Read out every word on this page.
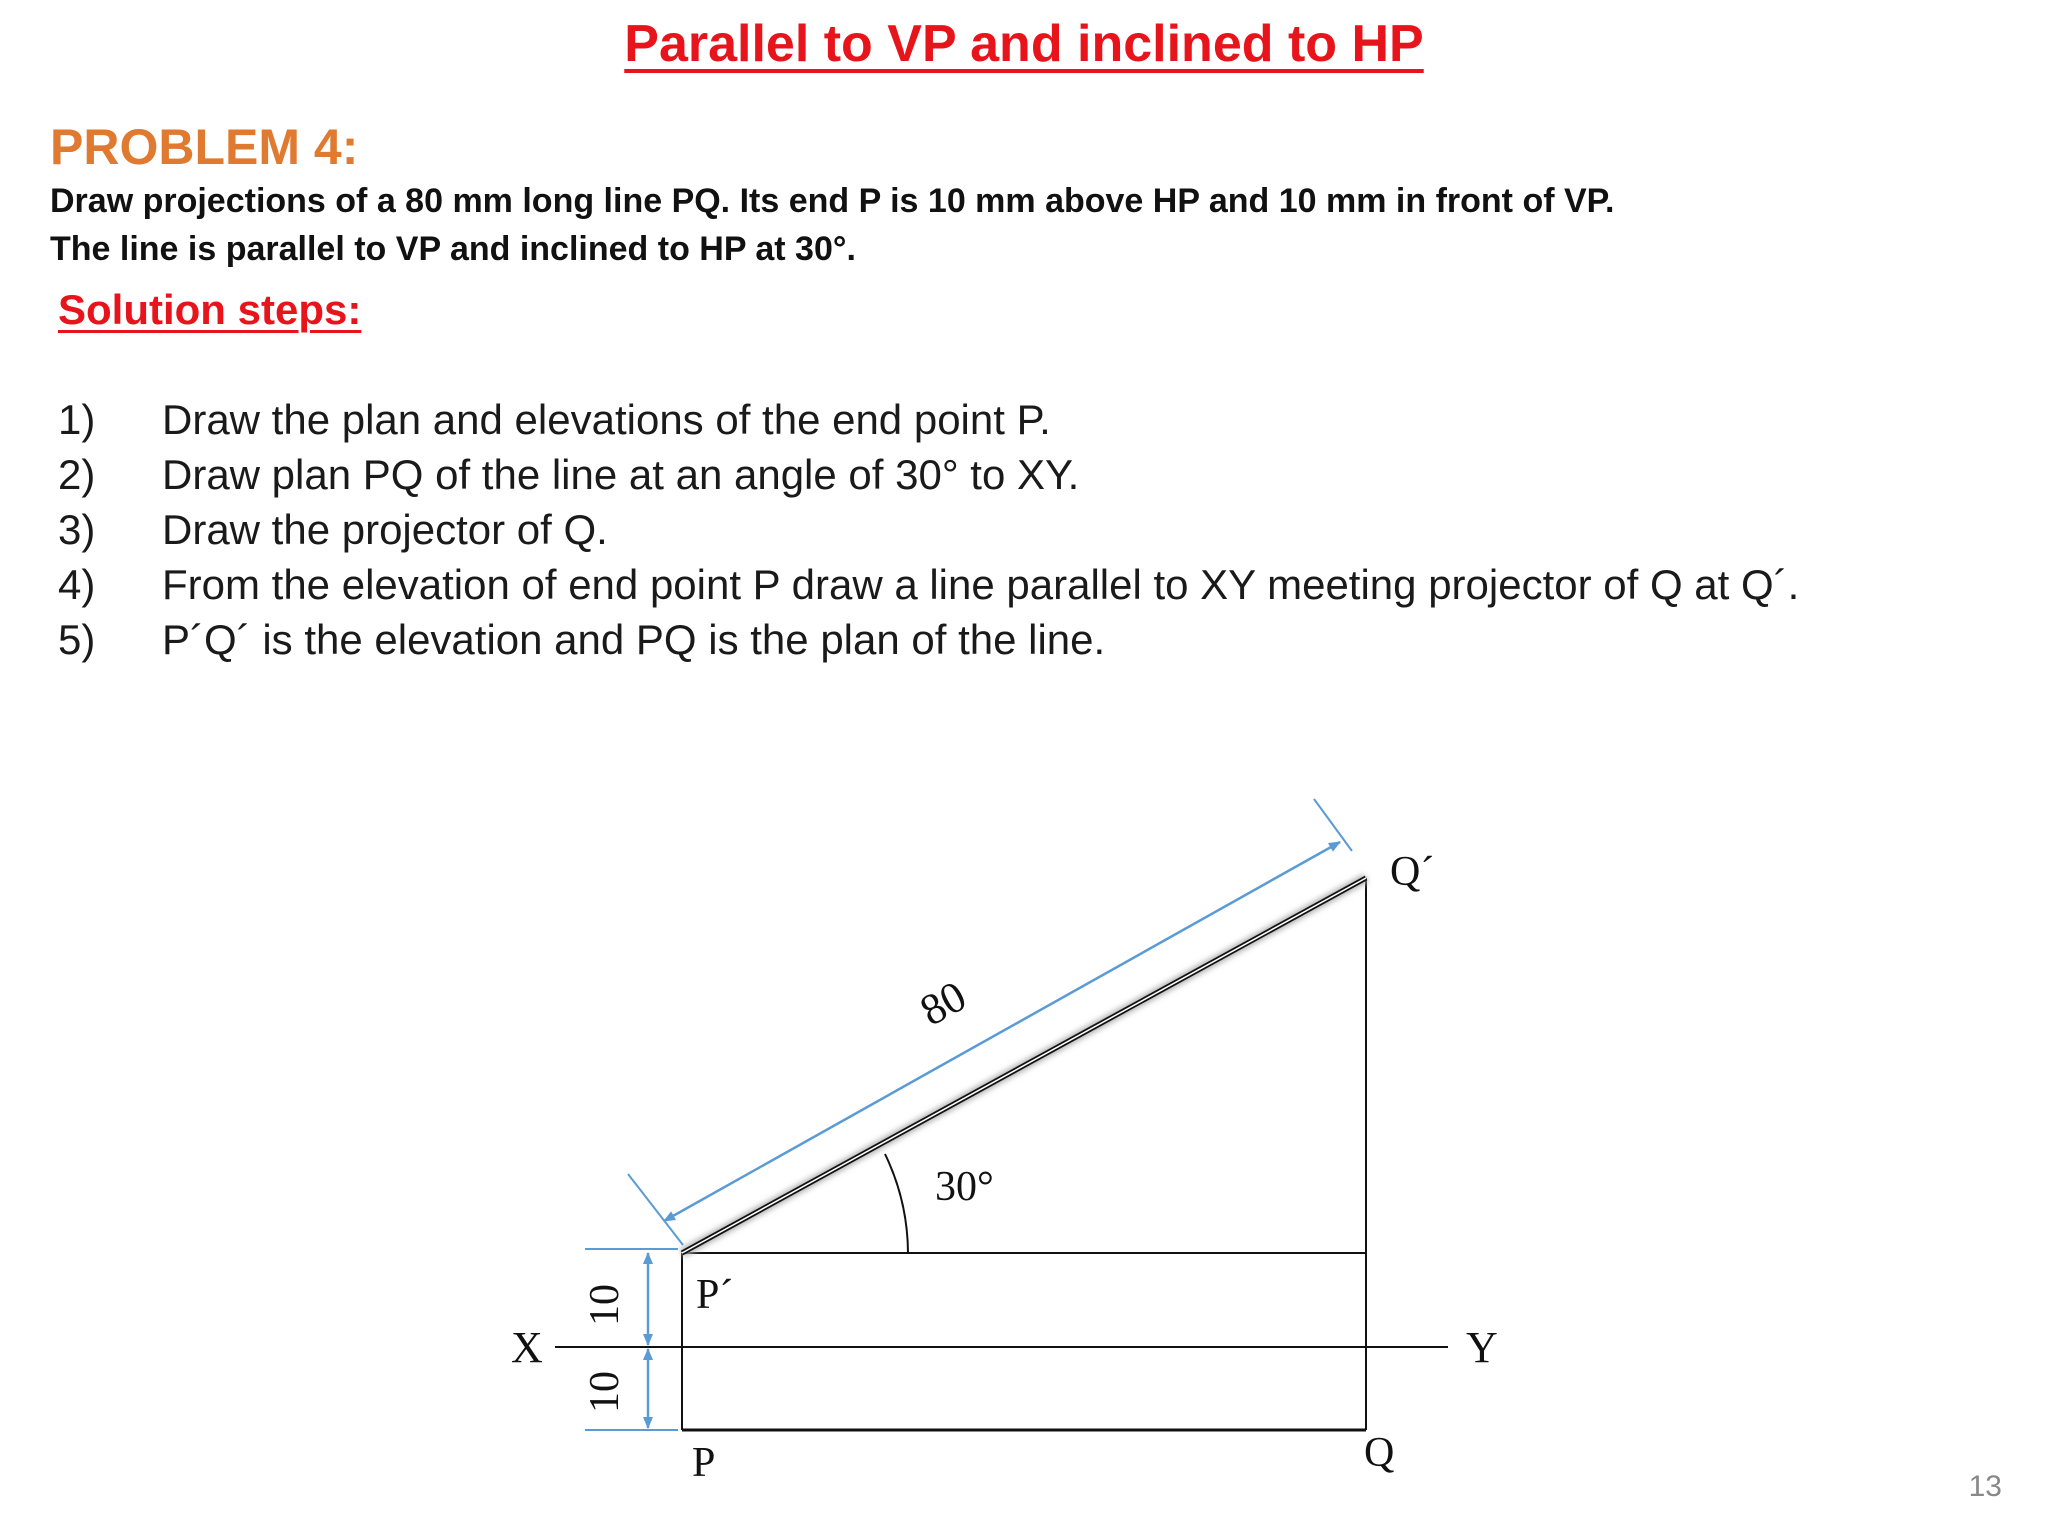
Parallel to VP and inclined to HP
PROBLEM 4:
Draw projections of a 80 mm long line PQ. Its end P is 10 mm above HP and 10 mm in front of VP.
The line is parallel to VP and inclined to HP at 30°.
Solution steps:
1) Draw the plan and elevations of the end point P.
2) Draw plan PQ of the line at an angle of 30° to XY.
3) Draw the projector of Q.
4) From the elevation of end point P draw a line parallel to XY meeting projector of Q at Q´.
5) P´Q´ is the elevation and PQ is the plan of the line.
80
30°
10
10
X	Y
P´
Q´
P	Q
13
